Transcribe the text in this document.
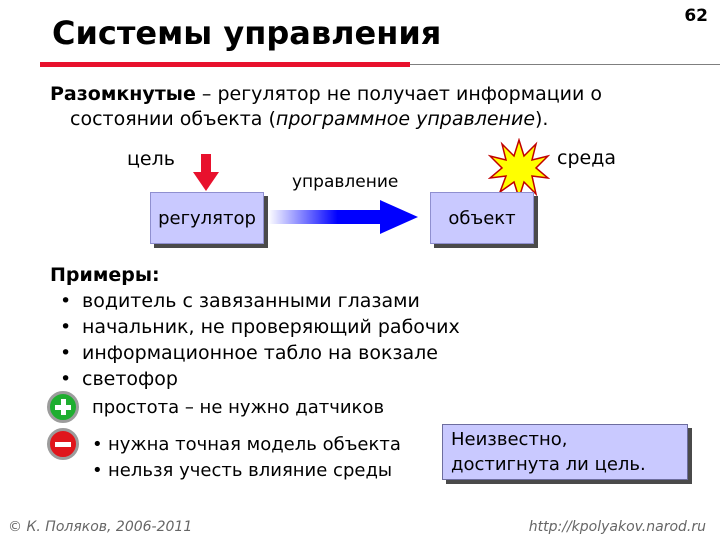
Системы управления	62
Разомкнутые – регулятор не получает информации о
состоянии объекта (программное управление).
цель	среда
управление
регулятор	объект
Примеры:
• водитель с завязанными глазами
• начальник, не проверяющий рабочих
• информационное табло на вокзале
• светофор
простота – не нужно датчиков
• нужна точная модель объекта
• нельзя учесть влияние среды
Неизвестно,
достигнута ли цель.
© К. Поляков, 2006-2011	http://kpolyakov.narod.ru
